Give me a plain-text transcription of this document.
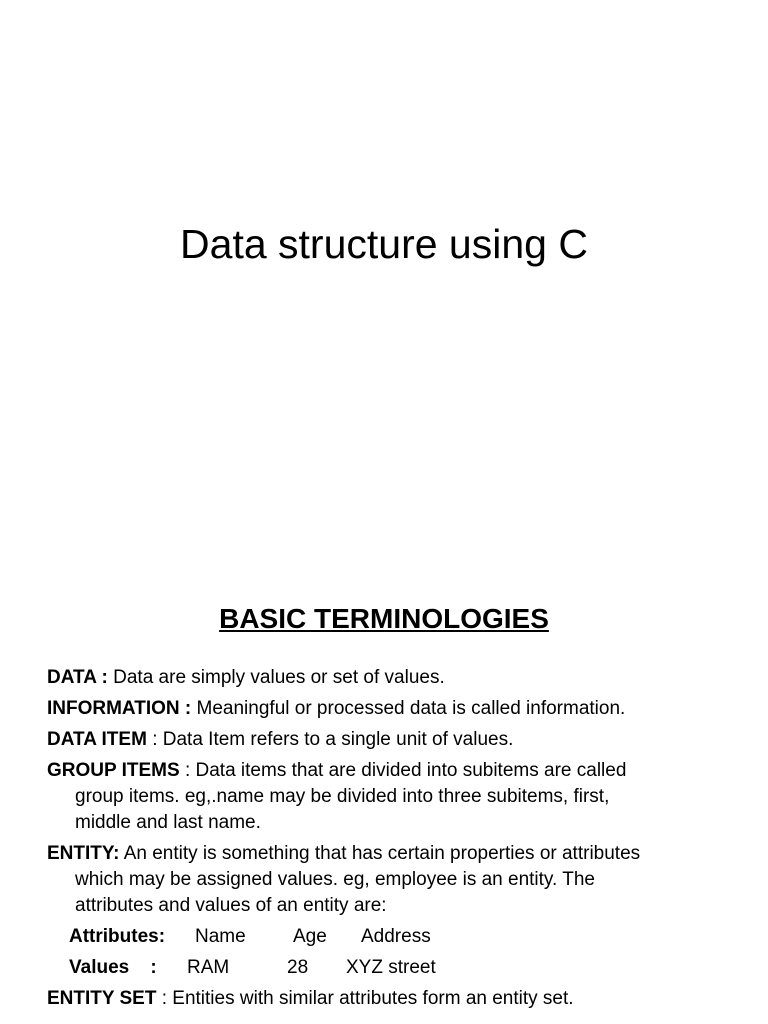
Data structure using C
BASIC TERMINOLOGIES
DATA : Data are simply values or set of values.
INFORMATION : Meaningful or processed data is called information.
DATA ITEM : Data Item refers to a single unit of values.
GROUP ITEMS : Data items that are divided into subitems are called
group items. eg,.name may be divided into three subitems, first,
middle and last name.
ENTITY: An entity is something that has certain properties or attributes
which may be assigned values. eg, employee is an entity. The
attributes and values of an entity are:
Attributes: Name Age Address
Values    : RAM	28 XYZ street
ENTITY SET : Entities with similar attributes form an entity set.
